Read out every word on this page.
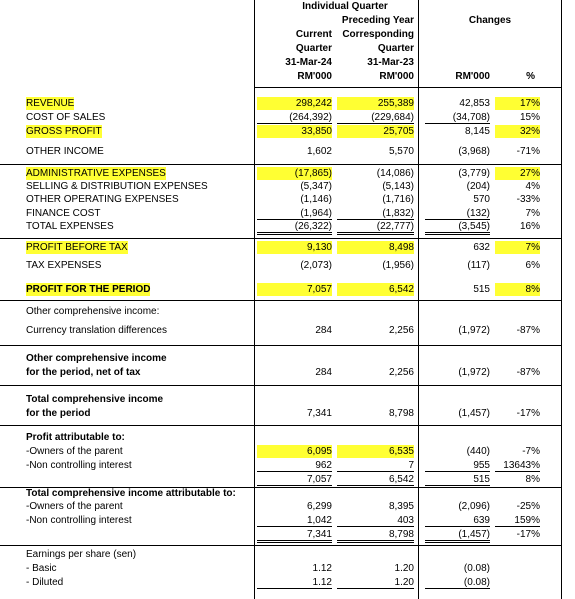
Individual Quarter
Preceding Year
Current	Corresponding
Quarter	Quarter
31-Mar-24	31-Mar-23
RM'000	RM'000
Changes
RM'000	%
REVENUE	298,242	255,389	42,853	17%
COST OF SALES	(264,392)	(229,684)	(34,708)	15%
GROSS PROFIT	33,850	25,705	8,145	32%
OTHER INCOME	1,602	5,570	(3,968)	-71%
ADMINISTRATIVE EXPENSES	(17,865)	(14,086)	(3,779)	27%
SELLING & DISTRIBUTION EXPENSES	(5,347)	(5,143)	(204)	4%
OTHER OPERATING EXPENSES	(1,146)	(1,716)	570	-33%
FINANCE COST	(1,964)	(1,832)	(132)	7%
TOTAL EXPENSES	(26,322)	(22,777)	(3,545)	16%
PROFIT BEFORE TAX	9,130	8,498	632	7%
TAX EXPENSES	(2,073)	(1,956)	(117)	6%
PROFIT FOR THE PERIOD	7,057	6,542	515	8%
Other comprehensive income:
Currency translation differences	284	2,256	(1,972)	-87%
Other comprehensive income
for the period, net of tax	284	2,256	(1,972)	-87%
Total comprehensive income
for the period	7,341	8,798	(1,457)	-17%
Profit attributable to:
-Owners of the parent	6,095	6,535	(440)	-7%
-Non controlling interest	962	7	955	13643%
7,057	6,542	515	8%
Total comprehensive income attributable to:
-Owners of the parent	6,299	8,395	(2,096)	-25%
-Non controlling interest	1,042	403	639	159%
7,341	8,798	(1,457)	-17%
Earnings per share (sen)
- Basic	1.12	1.20	(0.08)
- Diluted	1.12	1.20	(0.08)
